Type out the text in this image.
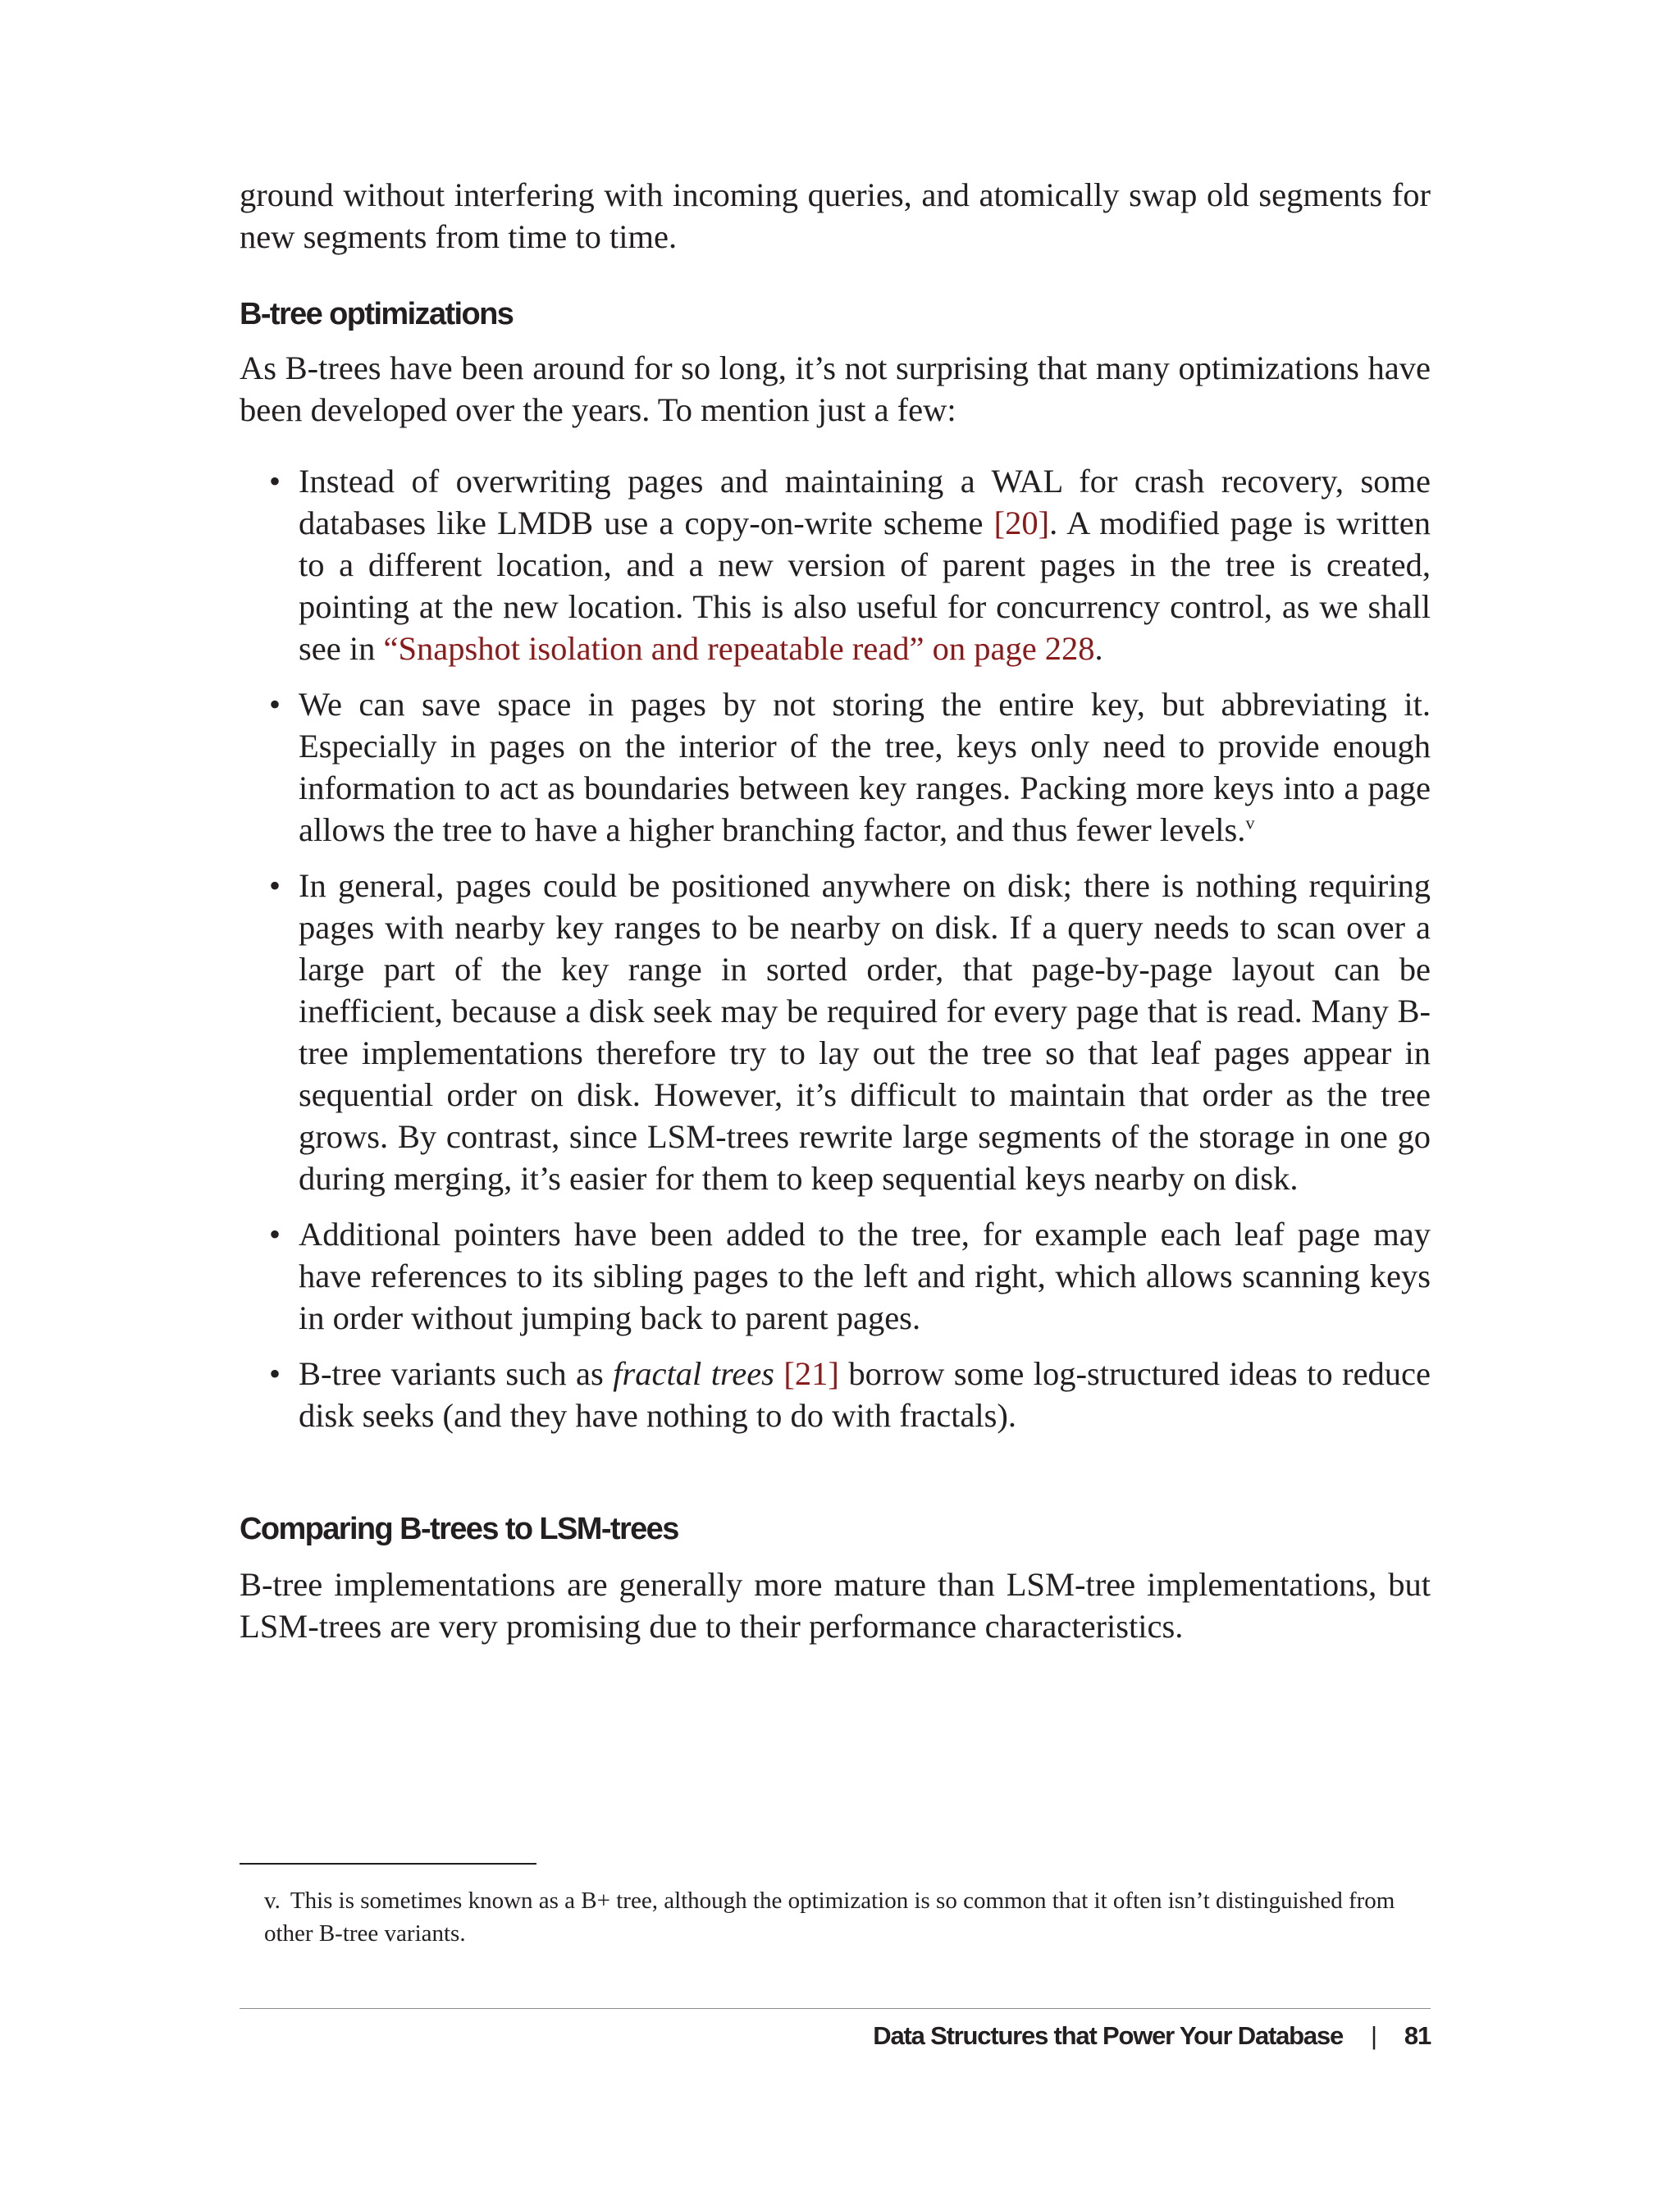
ground without interfering with incoming queries, and atomically swap old segments for new segments from time to time.

B-tree optimizations

As B-trees have been around for so long, it’s not surprising that many optimizations have been developed over the years. To mention just a few:

• Instead of overwriting pages and maintaining a WAL for crash recovery, some databases like LMDB use a copy-on-write scheme [20]. A modified page is written to a different location, and a new version of parent pages in the tree is created, pointing at the new location. This is also useful for concurrency control, as we shall see in “Snapshot isolation and repeatable read” on page 228.
• We can save space in pages by not storing the entire key, but abbreviating it. Especially in pages on the interior of the tree, keys only need to provide enough information to act as boundaries between key ranges. Packing more keys into a page allows the tree to have a higher branching factor, and thus fewer levels.$^v$
• In general, pages could be positioned anywhere on disk; there is nothing requiring pages with nearby key ranges to be nearby on disk. If a query needs to scan over a large part of the key range in sorted order, that page-by-page layout can be inefficient, because a disk seek may be required for every page that is read. Many B-tree implementations therefore try to lay out the tree so that leaf pages appear in sequential order on disk. However, it’s difficult to maintain that order as the tree grows. By contrast, since LSM-trees rewrite large segments of the storage in one go during merging, it’s easier for them to keep sequential keys nearby on disk.
• Additional pointers have been added to the tree, for example each leaf page may have references to its sibling pages to the left and right, which allows scanning keys in order without jumping back to parent pages.
• B-tree variants such as fractal trees [21] borrow some log-structured ideas to reduce disk seeks (and they have nothing to do with fractals).
Comparing B-trees to LSM-trees

B-tree implementations are generally more mature than LSM-tree implementations, but LSM-trees are very promising due to their performance characteristics.

v. This is sometimes known as a B+ tree, although the optimization is so common that it often isn’t distinguished from other B-tree variants.
Data Structures that Power Your Database | 81
